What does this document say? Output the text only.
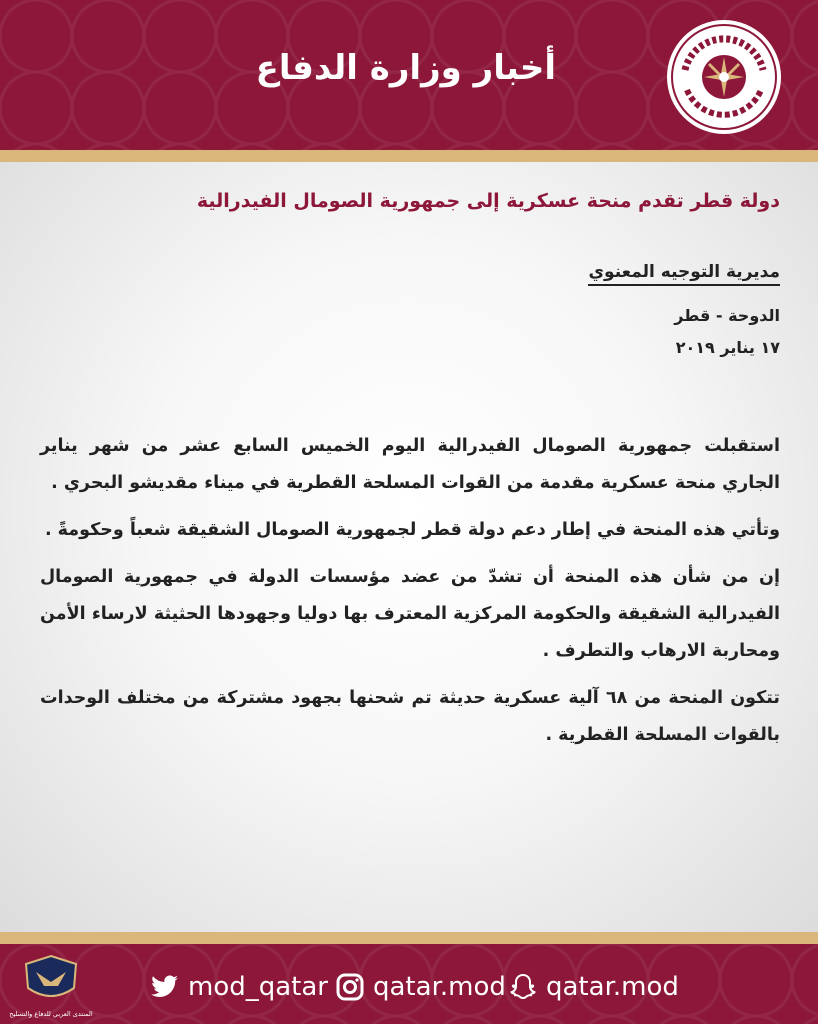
أخبار وزارة الدفاع
دولة قطر تقدم منحة عسكرية إلى جمهورية الصومال الفيدرالية
مديرية التوجيه المعنوي
الدوحة - قطر
١٧ يناير ٢٠١٩

استقبلت جمهورية الصومال الفيدرالية اليوم الخميس السابع عشر من شهر يناير الجاري منحة عسكرية مقدمة من القوات المسلحة القطرية في ميناء مقديشو البحري .

وتأتي هذه المنحة في إطار دعم دولة قطر لجمهورية الصومال الشقيقة شعباً وحكومةً .

إن من شأن هذه المنحة أن تشدّ من عضد مؤسسات الدولة في جمهورية الصومال الفيدرالية الشقيقة والحكومة المركزية المعترف بها دوليا وجهودها الحثيثة لارساء الأمن ومحاربة الارهاب والتطرف .

تتكون المنحة من ٦٨ آلية عسكرية حديثة تم شحنها بجهود مشتركة من مختلف الوحدات بالقوات المسلحة القطرية .

mod_qatar qatar.mod qatar.mod
المنتدى العربي للدفاع والتسليح
